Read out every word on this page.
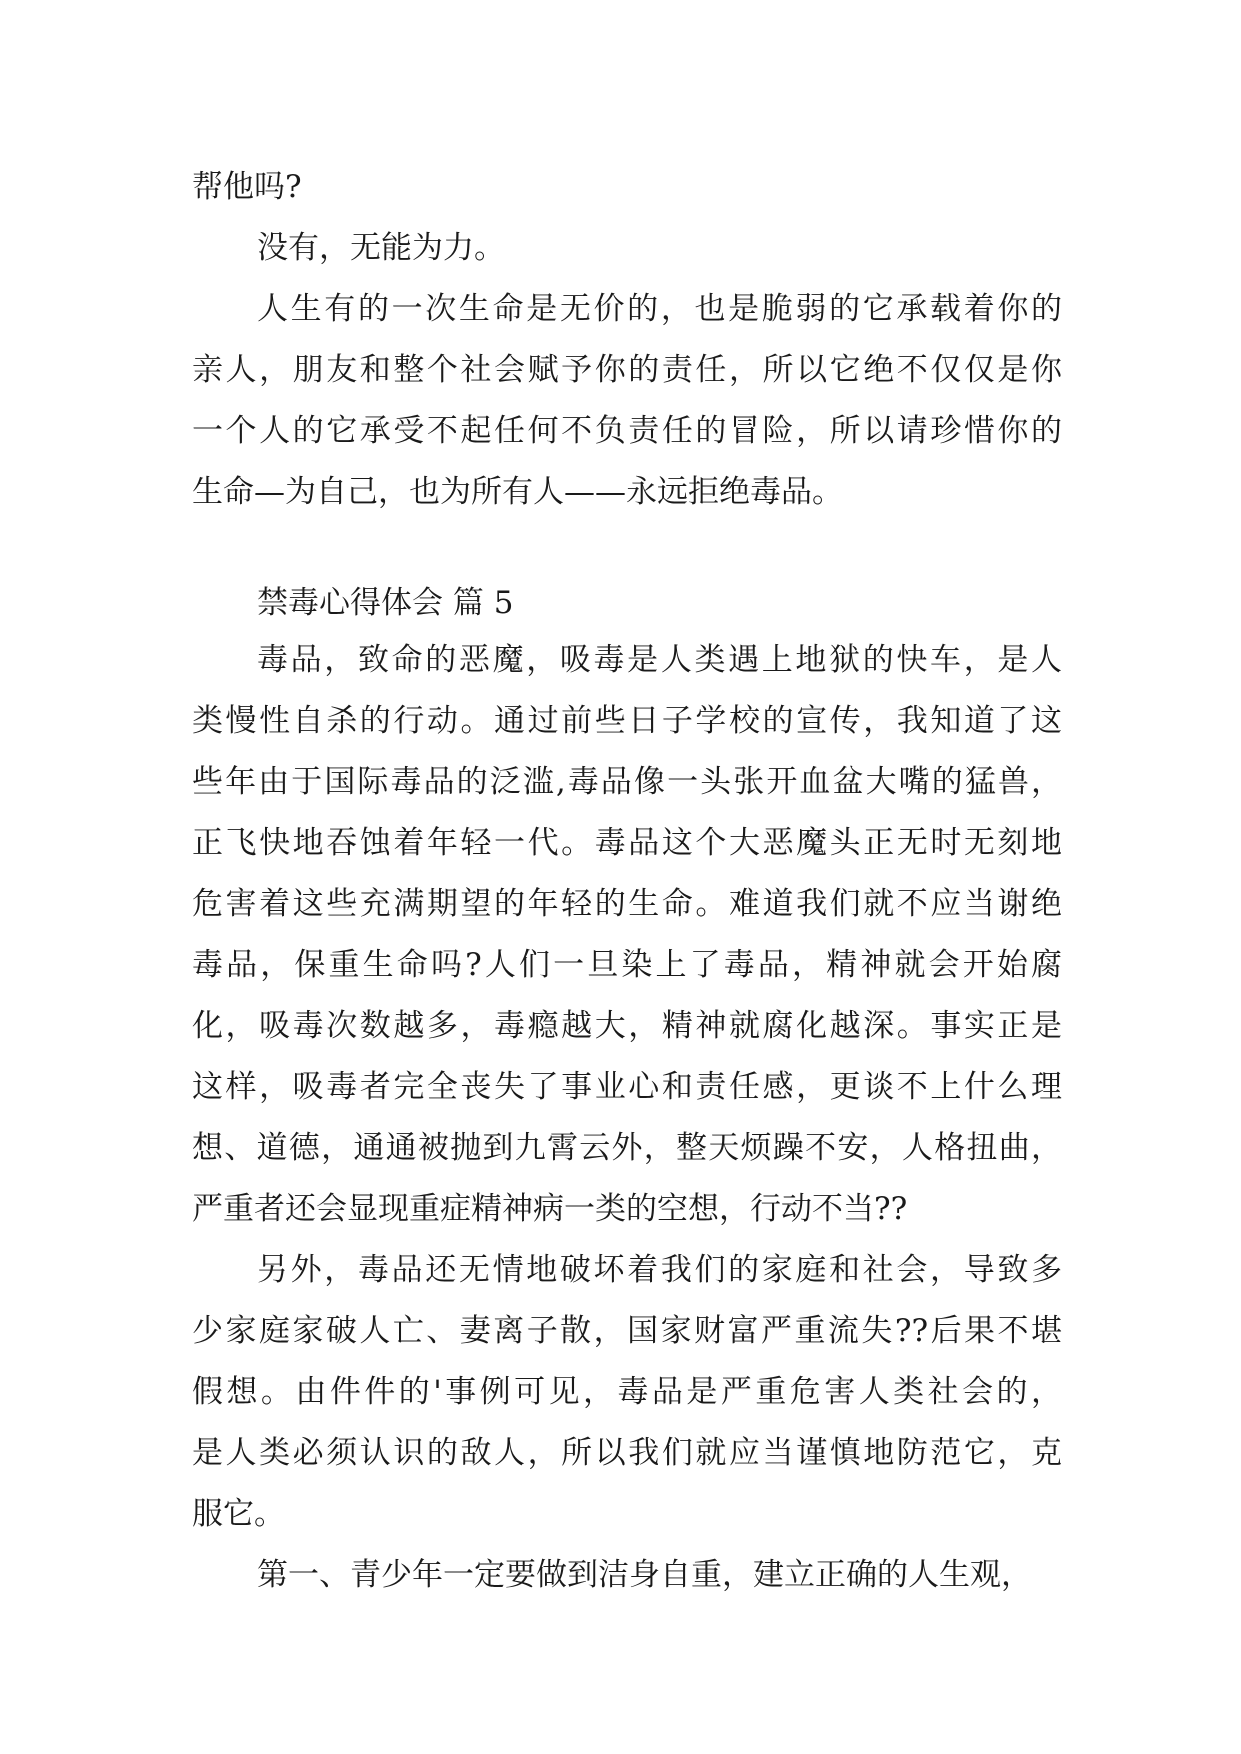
帮他吗?
没有，无能为力。
人生有的一次生命是无价的，也是脆弱的它承载着你的
亲人，朋友和整个社会赋予你的责任，所以它绝不仅仅是你
一个人的它承受不起任何不负责任的冒险，所以请珍惜你的
生命—为自己，也为所有人——永远拒绝毒品。
禁毒心得体会 篇 5
毒品，致命的恶魔，吸毒是人类遇上地狱的快车，是人
类慢性自杀的行动。通过前些日子学校的宣传，我知道了这
些年由于国际毒品的泛滥,毒品像一头张开血盆大嘴的猛兽，
正飞快地吞蚀着年轻一代。毒品这个大恶魔头正无时无刻地
危害着这些充满期望的年轻的生命。难道我们就不应当谢绝
毒品，保重生命吗?人们一旦染上了毒品，精神就会开始腐
化，吸毒次数越多，毒瘾越大，精神就腐化越深。事实正是
这样，吸毒者完全丧失了事业心和责任感，更谈不上什么理
想、道德，通通被抛到九霄云外，整天烦躁不安，人格扭曲，
严重者还会显现重症精神病一类的空想，行动不当??
另外，毒品还无情地破坏着我们的家庭和社会，导致多
少家庭家破人亡、妻离子散，国家财富严重流失??后果不堪
假想。由件件的'事例可见，毒品是严重危害人类社会的，
是人类必须认识的敌人，所以我们就应当谨慎地防范它，克
服它。
第一、青少年一定要做到洁身自重，建立正确的人生观，
